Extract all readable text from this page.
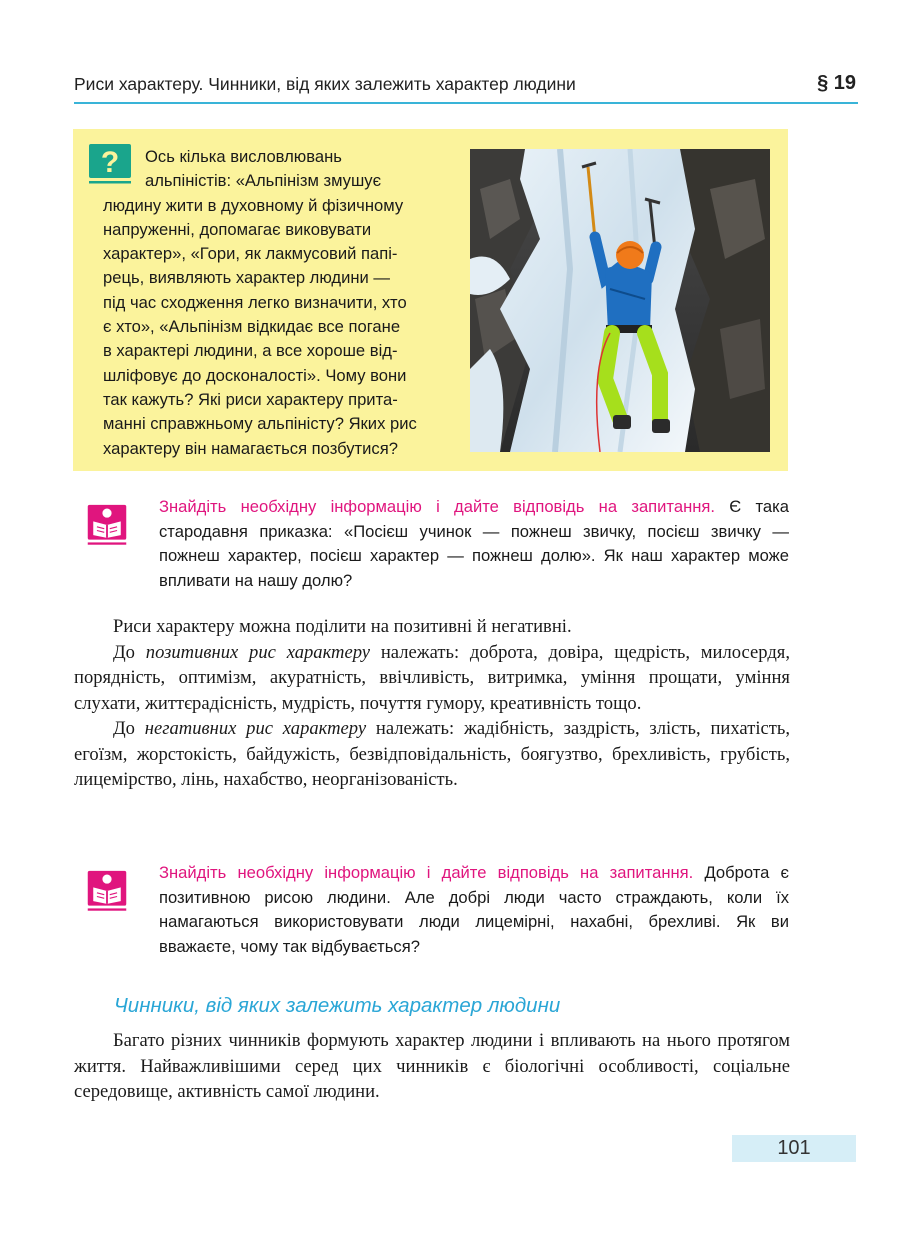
Риси характеру. Чинники, від яких залежить характер людини	§ 19
?	Ось кілька висловлювань
альпіністів: «Альпінізм змушує
людину жити в духовному й фізичному
напруженні, допомагає виковувати
характер», «Гори, як лакмусовий папі-
рець, виявляють характер людини —
під час сходження легко визначити, хто
є хто», «Альпінізм відкидає все погане
в характері людини, а все хороше від-
шліфовує до досконалості». Чому вони
так кажуть? Які риси характеру прита-
манні справжньому альпіністу? Яких рис
характеру він намагається позбутися?
Знайдіть необхідну інформацію і дайте відповідь на запитання. Є така стародавня приказка: «Посієш учинок — пожнеш звичку, посієш звичку — пожнеш характер, посієш характер — пожнеш долю». Як наш характер може впливати на нашу долю?

Риси характеру можна поділити на позитивні й негативні.

До позитивних рис характеру належать: доброта, довіра, щедрість, милосердя, порядність, оптимізм, акуратність, ввічливість, витримка, уміння прощати, уміння слухати, життєрадісність, мудрість, почуття гумору, креативність тощо.

До негативних рис характеру належать: жадібність, заздрість, злість, пихатість, егоїзм, жорстокість, байдужість, безвідповідальність, боягузтво, брехливість, грубість, лицемірство, лінь, нахабство, неорганізованість.

Знайдіть необхідну інформацію і дайте відповідь на запитання. Доброта є позитивною рисою людини. Але добрі люди часто страждають, коли їх намагаються використовувати люди лицемірні, нахабні, брехливі. Як ви вважаєте, чому так відбувається?
Чинники, від яких залежить характер людини

Багато різних чинників формують характер людини і впливають на нього протягом життя. Найважливішими серед цих чинників є біологічні особливості, соціальне середовище, активність самої людини.

101
